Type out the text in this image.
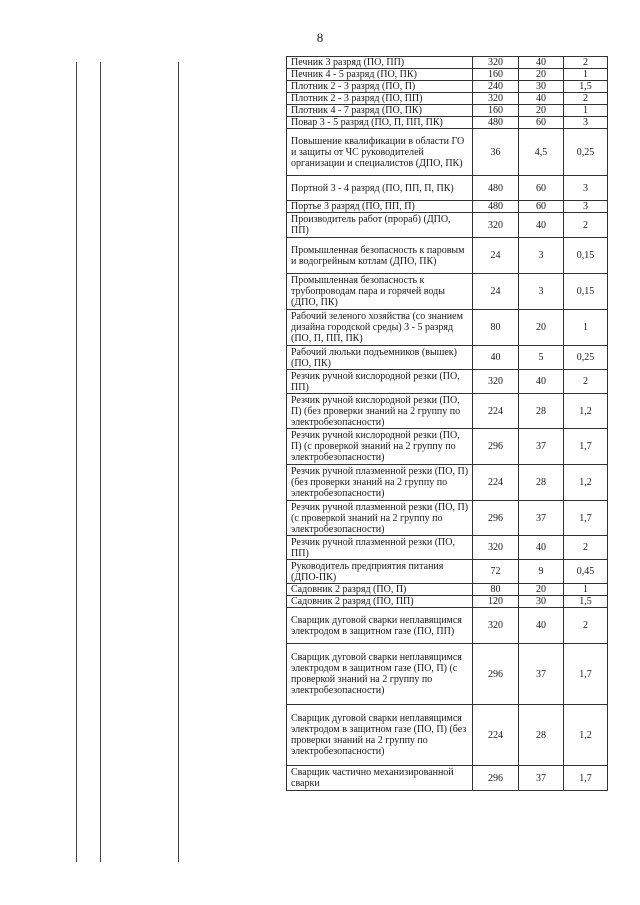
8
Печник 3 разряд (ПО, ПП)	320	40	2
Печник 4 - 5 разряд (ПО, ПК)	160	20	1
Плотник 2 - 3 разряд (ПО, П)	240	30	1,5
Плотник 2 - 3 разряд (ПО, ПП)	320	40	2
Плотник 4 - 7 разряд (ПО, ПК)	160	20	1
Повар 3 - 5 разряд (ПО, П, ПП, ПК)	480	60	3
Повышение квалификации в области ГО и защиты от ЧС руководителей организации и специалистов (ДПО, ПК)	36	4,5	0,25
Портной 3 - 4 разряд (ПО, ПП, П, ПК)	480	60	3
Портье 3 разряд (ПО, ПП, П)	480	60	3
Производитель работ (прораб) (ДПО, ПП)	320	40	2
Промышленная безопасность к паровым и водогрейным котлам (ДПО, ПК)	24	3	0,15
Промышленная безопасность к трубопроводам пара и горячей воды (ДПО, ПК)	24	3	0,15
Рабочий зеленого хозяйства (со знанием дизайна городской среды) 3 - 5 разряд (ПО, П, ПП, ПК)	80	20	1
Рабочий люльки подъемников (вышек) (ПО, ПК)	40	5	0,25
Резчик ручной кислородной резки (ПО, ПП)	320	40	2
Резчик ручной кислородной резки (ПО, П) (без проверки знаний на 2 группу по электробезопасности)	224	28	1,2
Резчик ручной кислородной резки (ПО, П) (с проверкой знаний на 2 группу по электробезопасности)	296	37	1,7
Резчик ручной плазменной резки (ПО, П) (без проверки знаний на 2 группу по электробезопасности)	224	28	1,2
Резчик ручной плазменной резки (ПО, П) (с проверкой знаний на 2 группу по электробезопасности)	296	37	1,7
Резчик ручной плазменной резки (ПО, ПП)	320	40	2
Руководитель предприятия питания (ДПО-ПК)	72	9	0,45
Садовник 2 разряд (ПО, П)	80	20	1
Садовник 2 разряд (ПО, ПП)	120	30	1,5
Сварщик дуговой сварки неплавящимся электродом в защитном газе (ПО, ПП)	320	40	2
Сварщик дуговой сварки неплавящимся электродом в защитном газе (ПО, П) (с проверкой знаний на 2 группу по электробезопасности)	296	37	1,7
Сварщик дуговой сварки неплавящимся электродом в защитном газе (ПО, П) (без проверки знаний на 2 группу по электробезопасности)	224	28	1,2
Сварщик частично механизированной сварки	296	37	1,7
